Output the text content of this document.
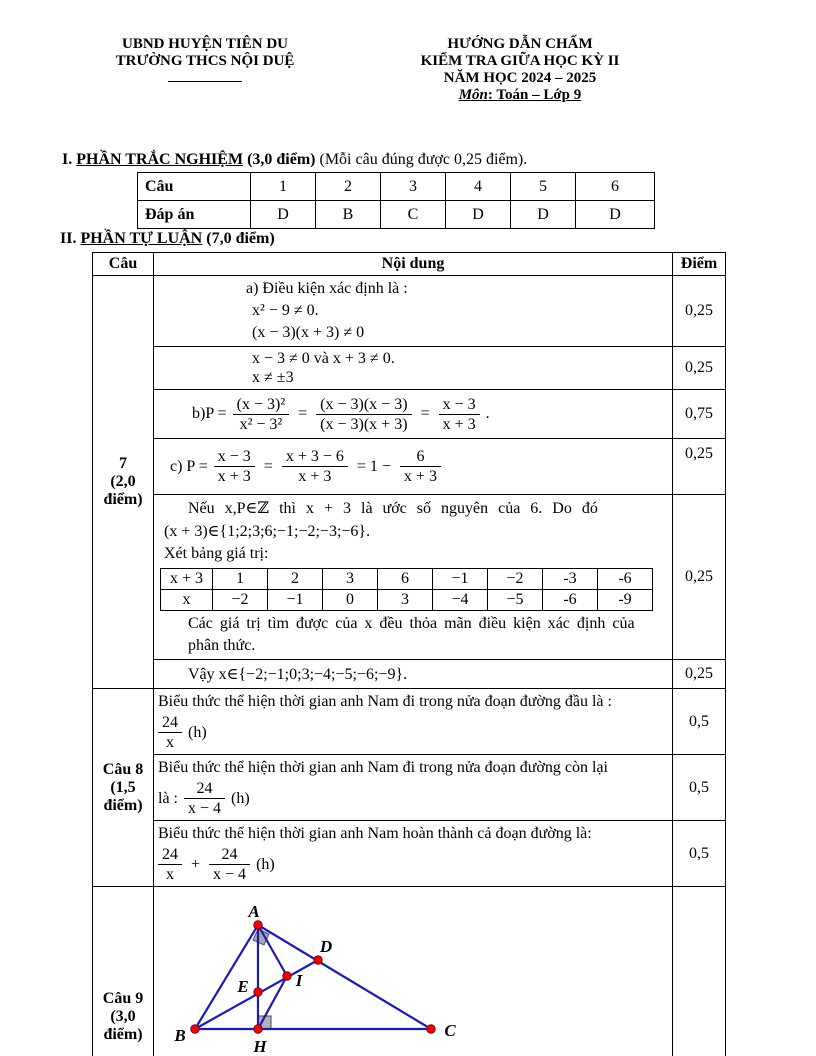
UBND HUYỆN TIÊN DU
TRƯỜNG THCS NỘI DUỆ
HƯỚNG DẪN CHẤM
KIỂM TRA GIỮA HỌC KỲ II
NĂM HỌC 2024 – 2025
Môn: Toán – Lớp 9
I. PHẦN TRẮC NGHIỆM (3,0 điểm) (Mỗi câu đúng được 0,25 điểm).
Câu	1	2	3	4	5	6
Đáp án	D	B	C	D	D	D
II. PHẦN TỰ LUẬN (7,0 điểm)
Câu	Nội dung	Điểm

7
(2,0
điểm)

a) Điều kiện xác định là :
x² − 9 ≠ 0.
(x − 3)(x + 3) ≠ 0
	0,25

x − 3 ≠ 0 và x + 3 ≠ 0.
x ≠ ±3
	0,25

$b)P = \frac{\text{(x − 3)²}}{\text{x² − 3²}} = \frac{(x - 3)(x - 3)}{(x - 3)(x + 3)} = \frac{x - 3}{x + 3}$ .	0,75

c) $P = \frac{x - 3}{x + 3} = \frac{x + 3 - 6}{x + 3} = 1 - \frac{6}{x + 3}$	0,25

Nếu x,P∈ℤ thì x + 3 là ước số nguyên của 6. Do đó
(x + 3)∈{1;2;3;6;−1;−2;−3;−6}.
Xét bảng giá trị:
x + 3	1	2	3	6	−1	−2	-3	-6
x	−2	−1	0	3	−4	−5	-6	-9
Các giá trị tìm được của x đều thỏa mãn điều kiện xác định của
phân thức.
	0,25

Vậy x∈{−2;−1;0;3;−4;−5;−6;−9}.	0,25

Câu 8
(1,5
điểm)

Biểu thức thể hiện thời gian anh Nam đi trong nửa đoạn đường đầu là :
$\frac{24}{x} (h)$
	0,5

Biểu thức thể hiện thời gian anh Nam đi trong nửa đoạn đường còn lại
là : $\frac{24}{x - 4} (h)$
	0,5

Biểu thức thể hiện thời gian anh Nam hoàn thành cả đoạn đường là:
$\frac{24}{x} + \frac{24}{x - 4} (h)$
	0,5

Câu 9
(3,0
điểm)

A
B	C
D
E
H
I
